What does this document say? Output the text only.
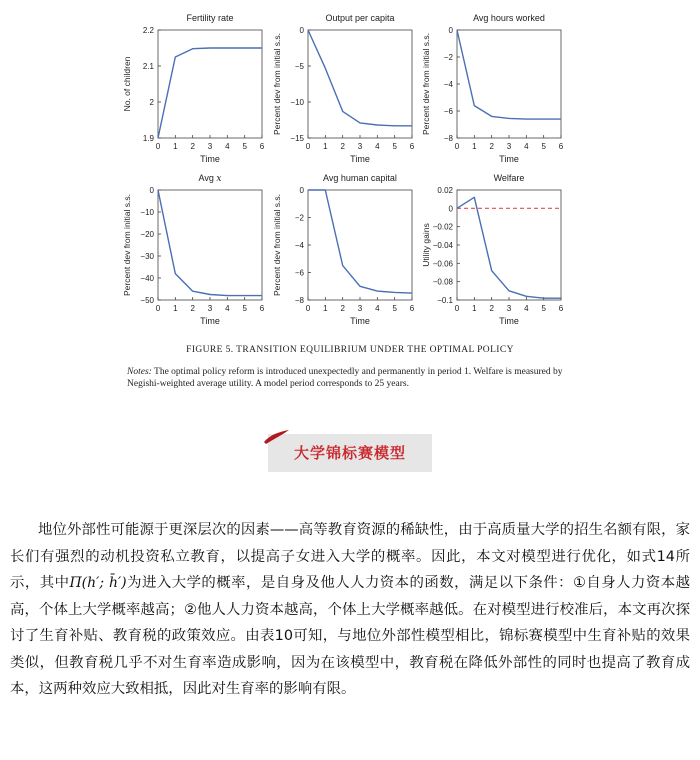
Fertility rate
1.9
2
2.1
2.2
0 1 2 3 4 5 6
Time
No. of children
Output per capita
−15
−10
−5
0
0 1 2 3 4 5 6
Time
Percent dev from initial s.s.
Avg hours worked
−8
−6
−4
−2
0
0 1 2 3 4 5 6
Time
Percent dev from initial s.s.
Avg x
−50
−40
−30
−20
−10
0
0 1 2 3 4 5 6
Time
Percent dev from initial s.s.
Avg human capital
−8
−6
−4
−2
0
0 1 2 3 4 5 6
Time
Percent dev from initial s.s.
Welfare
−0.1
−0.08
−0.06
−0.04
−0.02
0
0.02
0 1 2 3 4 5 6
Time
Utility gains
FIGURE 5. TRANSITION EQUILIBRIUM UNDER THE OPTIMAL POLICY
Notes: The optimal policy reform is introduced unexpectedly and permanently in period 1. Welfare is measured by Negishi-weighted average utility. A model period corresponds to 25 years.
大学锦标赛模型

地位外部性可能源于更深层次的因素——高等教育资源的稀缺性，由于高质量大学的招生名额有限，家长们有强烈的动机投资私立教育，以提高子女进入大学的概率。因此，本文对模型进行优化，如式14所示，其中Π(h′; h̄′)为进入大学的概率，是自身及他人人力资本的函数，满足以下条件：①自身人力资本越高，个体上大学概率越高；②他人人力资本越高，个体上大学概率越低。在对模型进行校准后，本文再次探讨了生育补贴、教育税的政策效应。由表10可知，与地位外部性模型相比，锦标赛模型中生育补贴的效果类似，但教育税几乎不对生育率造成影响，因为在该模型中，教育税在降低外部性的同时也提高了教育成本，这两种效应大致相抵，因此对生育率的影响有限。
